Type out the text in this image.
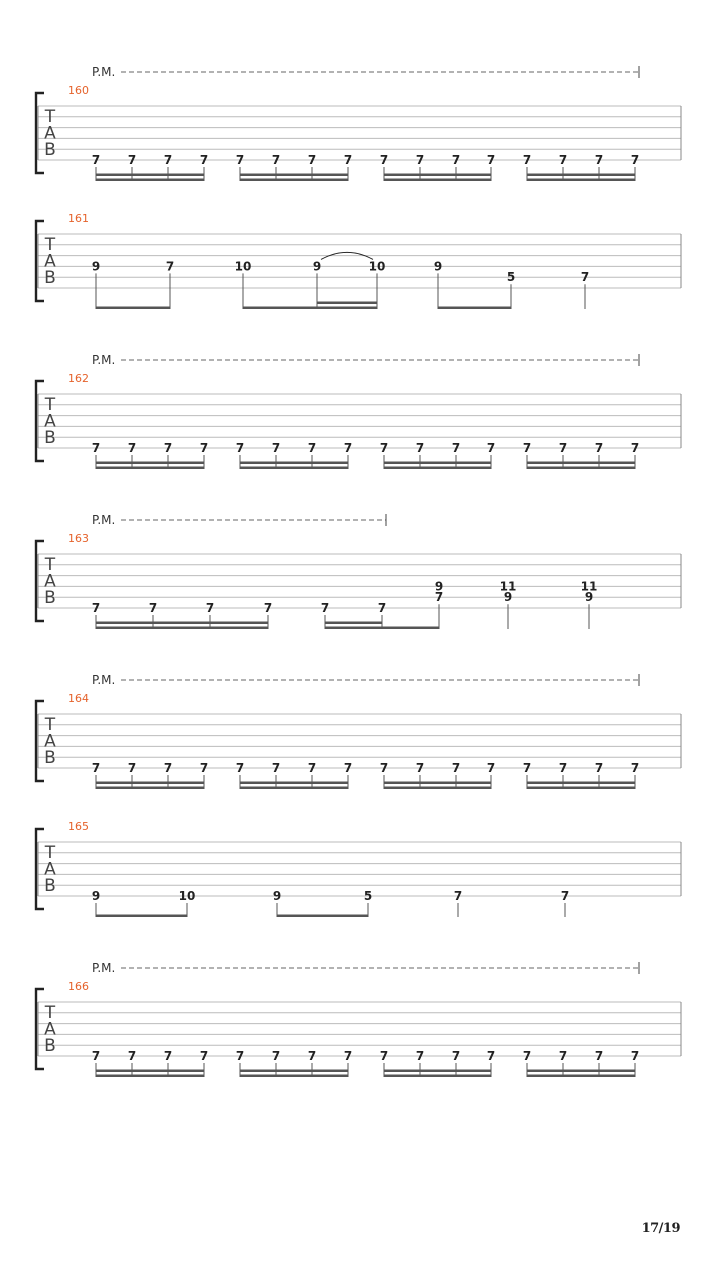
T
A
B
160
P.M.
7 7 7 7 7 7 7 7 7 7 7 7 7 7 7 7
T
A
B
161
9	7	10	9	10	9
5	7
T
A
B
162
P.M.
7 7 7 7 7 7 7 7 7 7 7 7 7 7 7 7
T
A
B
163
P.M.
7	7	7	7	7	7
9
7
11
9
11
9
T
A
B
164
P.M.
7 7 7 7 7 7 7 7 7 7 7 7 7 7 7 7
T
A
B
165
9	10	9	5	7	7
T
A
B
166
P.M.
7 7 7 7 7 7 7 7 7 7 7 7 7 7 7 7
17/19
